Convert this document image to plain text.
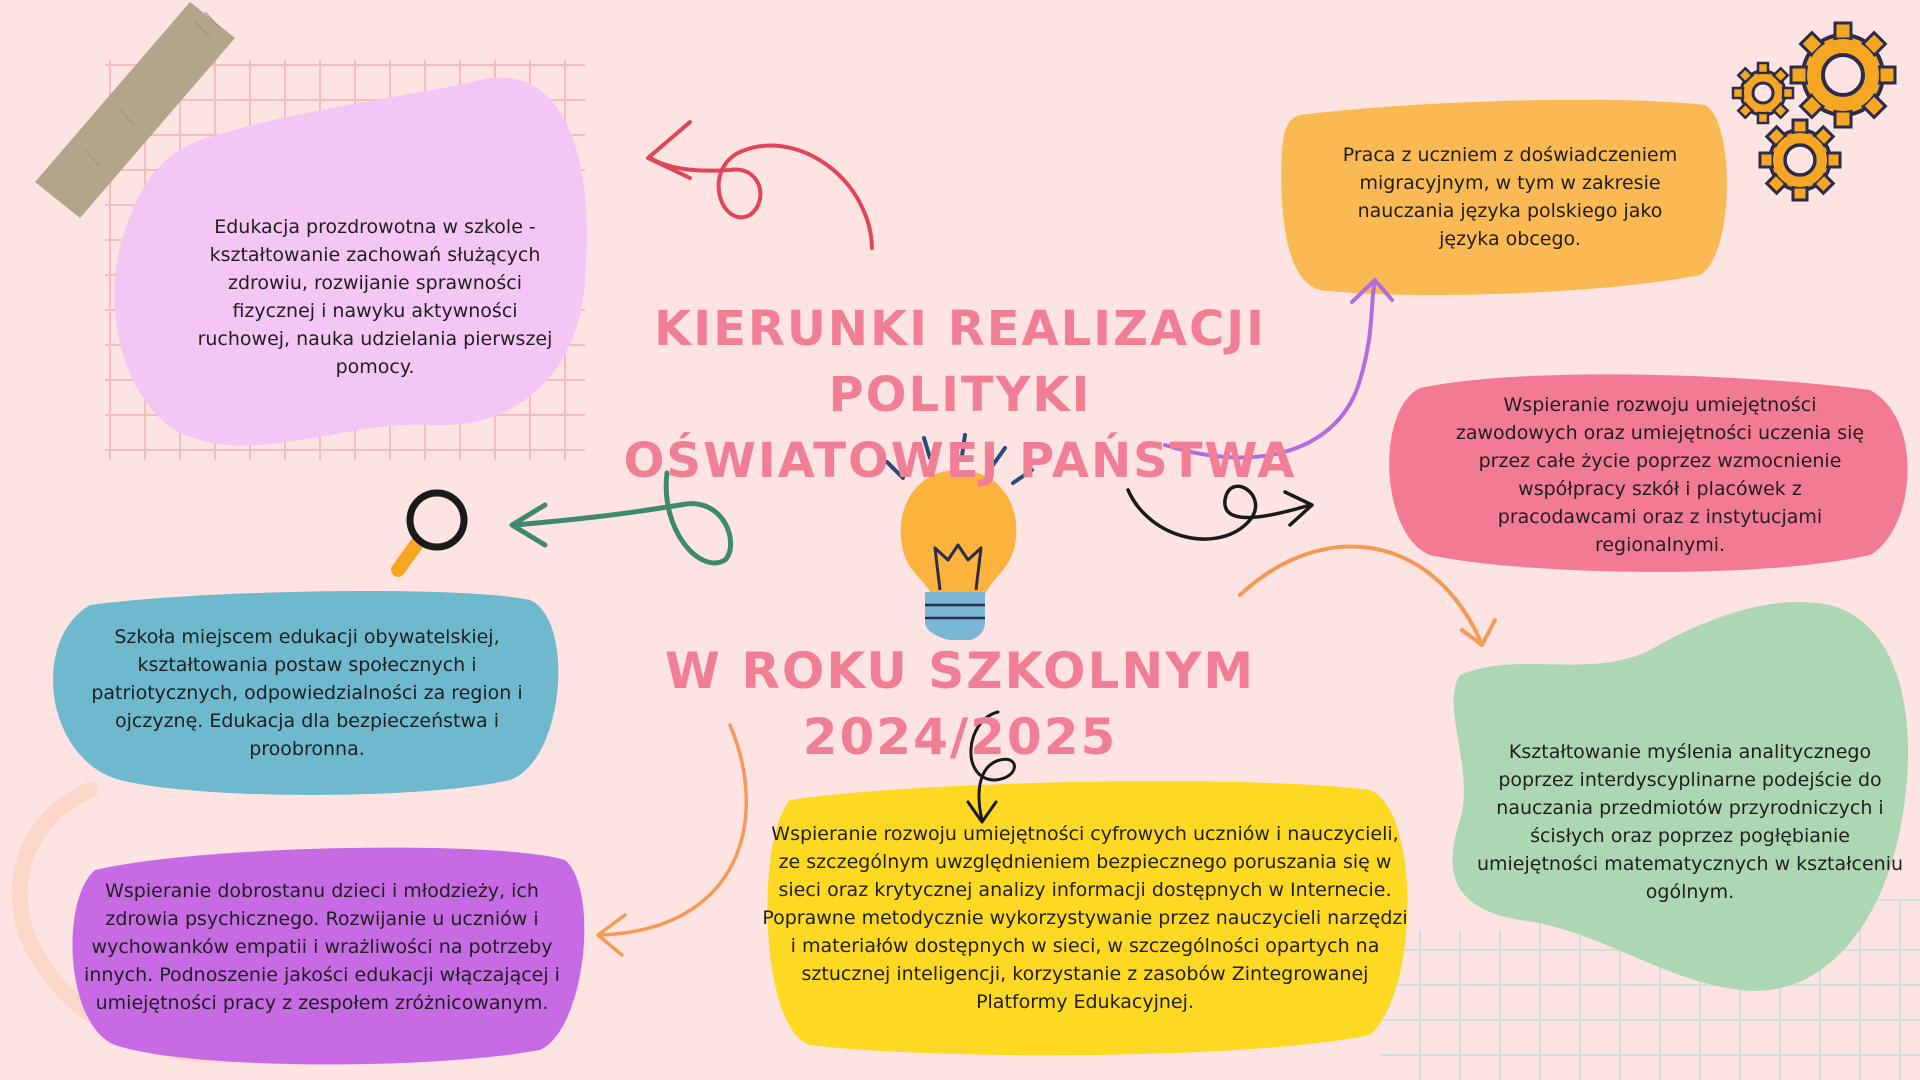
KIERUNKI REALIZACJI POLITYKI
OŚWIATOWEJ PAŃSTWA
W ROKU SZKOLNYM 2024/2025

Edukacja prozdrowotna w szkole - kształtowanie zachowań służących zdrowiu, rozwijanie sprawności fizycznej i nawyku aktywności ruchowej, nauka udzielania pierwszej pomocy.

Praca z uczniem z doświadczeniem migracyjnym, w tym w zakresie nauczania języka polskiego jako języka obcego.

Wspieranie rozwoju umiejętności zawodowych oraz umiejętności uczenia się przez całe życie poprzez wzmocnienie współpracy szkół i placówek z pracodawcami oraz z instytucjami regionalnymi.

Szkoła miejscem edukacji obywatelskiej, kształtowania postaw społecznych i patriotycznych, odpowiedzialności za region i ojczyznę. Edukacja dla bezpieczeństwa i proobronna.	Kształtowanie myślenia analitycznego poprzez interdyscyplinarne podejście do nauczania przedmiotów przyrodniczych i ścisłych oraz poprzez pogłębianie umiejętności matematycznych w kształceniu ogólnym.

Wspieranie dobrostanu dzieci i młodzieży, ich zdrowia psychicznego. Rozwijanie u uczniów i wychowanków empatii i wrażliwości na potrzeby innych. Podnoszenie jakości edukacji włączającej i umiejętności pracy z zespołem zróżnicowanym.

Wspieranie rozwoju umiejętności cyfrowych uczniów i nauczycieli, ze szczególnym uwzględnieniem bezpiecznego poruszania się w sieci oraz krytycznej analizy informacji dostępnych w Internecie. Poprawne metodycznie wykorzystywanie przez nauczycieli narzędzi i materiałów dostępnych w sieci, w szczególności opartych na sztucznej inteligencji, korzystanie z zasobów Zintegrowanej Platformy Edukacyjnej.
